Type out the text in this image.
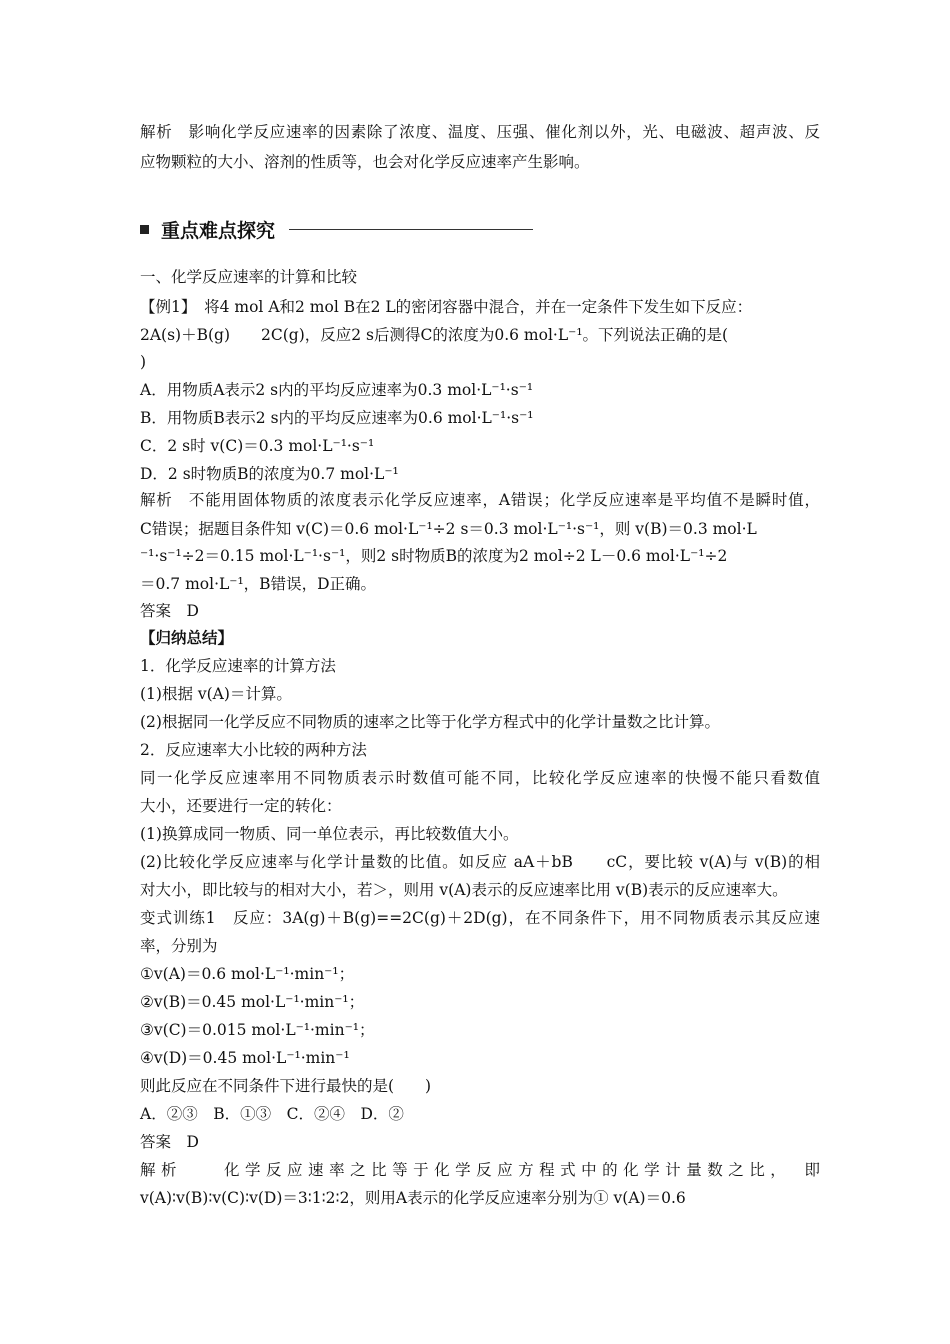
解析　影响化学反应速率的因素除了浓度、温度、压强、催化剂以外，光、电磁波、超声波、反
应物颗粒的大小、溶剂的性质等，也会对化学反应速率产生影响。
重点难点探究
一、化学反应速率的计算和比较
【例1】　将4 mol A和2 mol B在2 L的密闭容器中混合，并在一定条件下发生如下反应：
2A(s)＋B(g)　　2C(g)，反应2 s后测得C的浓度为0.6 mol·L⁻¹。下列说法正确的是(
)
A．用物质A表示2 s内的平均反应速率为0.3 mol·L⁻¹·s⁻¹
B．用物质B表示2 s内的平均反应速率为0.6 mol·L⁻¹·s⁻¹
C．2 s时 v(C)＝0.3 mol·L⁻¹·s⁻¹
D．2 s时物质B的浓度为0.7 mol·L⁻¹
解析　不能用固体物质的浓度表示化学反应速率，A错误；化学反应速率是平均值不是瞬时值，
C错误；据题目条件知 v(C)＝0.6 mol·L⁻¹÷2 s＝0.3 mol·L⁻¹·s⁻¹，则 v(B)＝0.3 mol·L
⁻¹·s⁻¹÷2＝0.15 mol·L⁻¹·s⁻¹，则2 s时物质B的浓度为2 mol÷2 L－0.6 mol·L⁻¹÷2
＝0.7 mol·L⁻¹，B错误，D正确。
答案　D
【归纳总结】
1．化学反应速率的计算方法
(1)根据 v(A)＝计算。
(2)根据同一化学反应不同物质的速率之比等于化学方程式中的化学计量数之比计算。
2．反应速率大小比较的两种方法
同一化学反应速率用不同物质表示时数值可能不同，比较化学反应速率的快慢不能只看数值
大小，还要进行一定的转化：
(1)换算成同一物质、同一单位表示，再比较数值大小。
(2)比较化学反应速率与化学计量数的比值。如反应 aA＋bB　　cC，要比较 v(A)与 v(B)的相
对大小，即比较与的相对大小，若＞，则用 v(A)表示的反应速率比用 v(B)表示的反应速率大。
变式训练1　反应：3A(g)＋B(g)==2C(g)＋2D(g)，在不同条件下，用不同物质表示其反应速
率，分别为
①v(A)＝0.6 mol·L⁻¹·min⁻¹；
②v(B)＝0.45 mol·L⁻¹·min⁻¹；
③v(C)＝0.015 mol·L⁻¹·min⁻¹；
④v(D)＝0.45 mol·L⁻¹·min⁻¹
则此反应在不同条件下进行最快的是(　　)
A．②③　B．①③　C．②④　D．②
答案　D
解析　　化学反应速率之比等于化学反应方程式中的化学计量数之比，　即
v(A)∶v(B)∶v(C)∶v(D)＝3∶1∶2∶2，则用A表示的化学反应速率分别为① v(A)＝0.6
